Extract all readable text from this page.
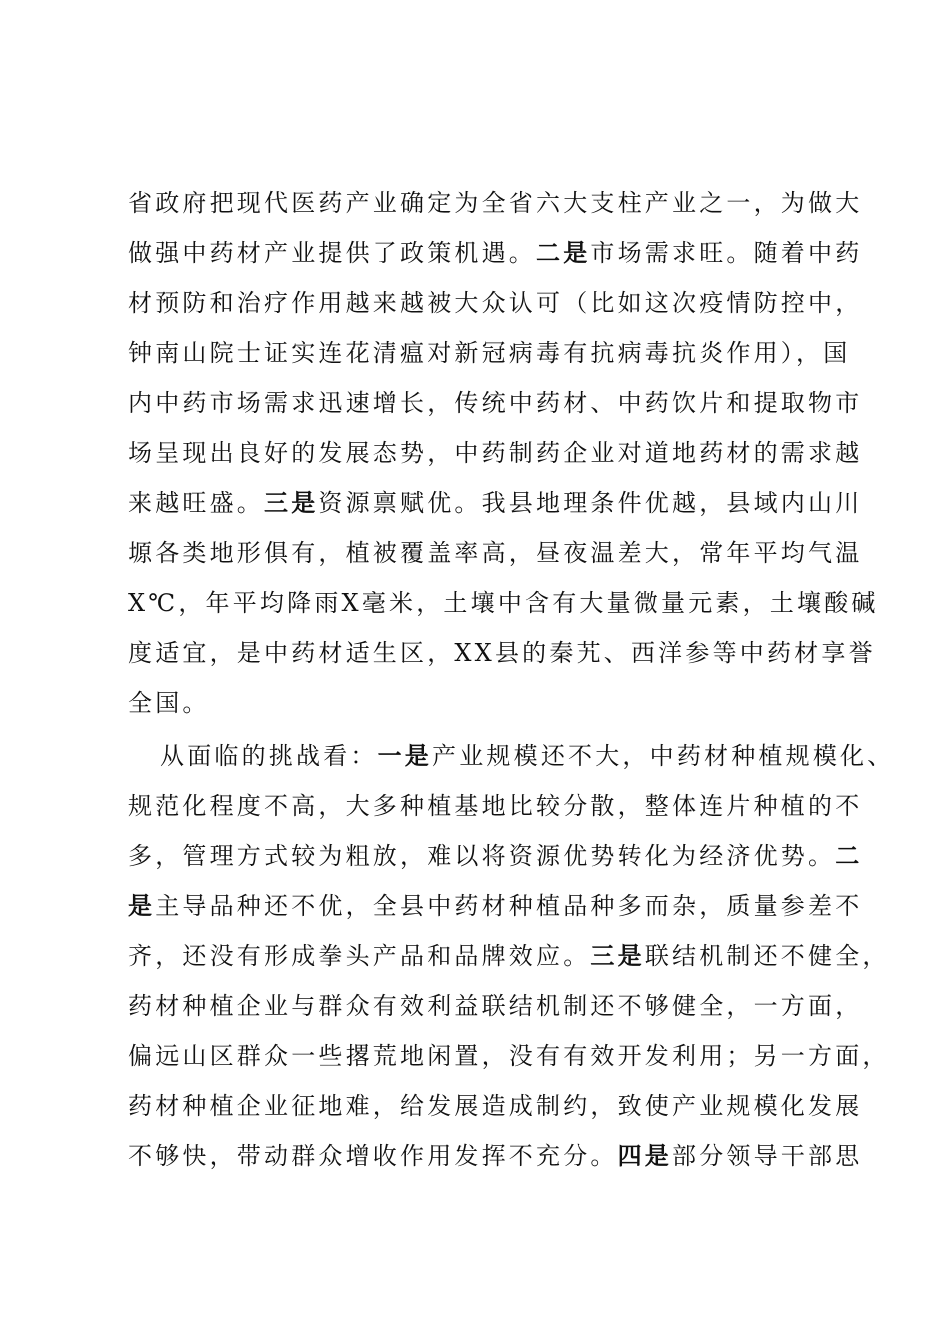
省政府把现代医药产业确定为全省六大支柱产业之一，为做大
做强中药材产业提供了政策机遇。二是市场需求旺。随着中药
材预防和治疗作用越来越被大众认可（比如这次疫情防控中，
钟南山院士证实连花清瘟对新冠病毒有抗病毒抗炎作用），国
内中药市场需求迅速增长，传统中药材、中药饮片和提取物市
场呈现出良好的发展态势，中药制药企业对道地药材的需求越
来越旺盛。三是资源禀赋优。我县地理条件优越，县域内山川
塬各类地形俱有，植被覆盖率高，昼夜温差大，常年平均气温
X℃，年平均降雨X毫米，土壤中含有大量微量元素，土壤酸碱
度适宜，是中药材适生区，XX县的秦艽、西洋参等中药材享誉
全国。
从面临的挑战看：一是产业规模还不大，中药材种植规模化、
规范化程度不高，大多种植基地比较分散，整体连片种植的不
多，管理方式较为粗放，难以将资源优势转化为经济优势。二
是主导品种还不优，全县中药材种植品种多而杂，质量参差不
齐，还没有形成拳头产品和品牌效应。三是联结机制还不健全，
药材种植企业与群众有效利益联结机制还不够健全，一方面，
偏远山区群众一些撂荒地闲置，没有有效开发利用；另一方面，
药材种植企业征地难，给发展造成制约，致使产业规模化发展
不够快，带动群众增收作用发挥不充分。四是部分领导干部思
